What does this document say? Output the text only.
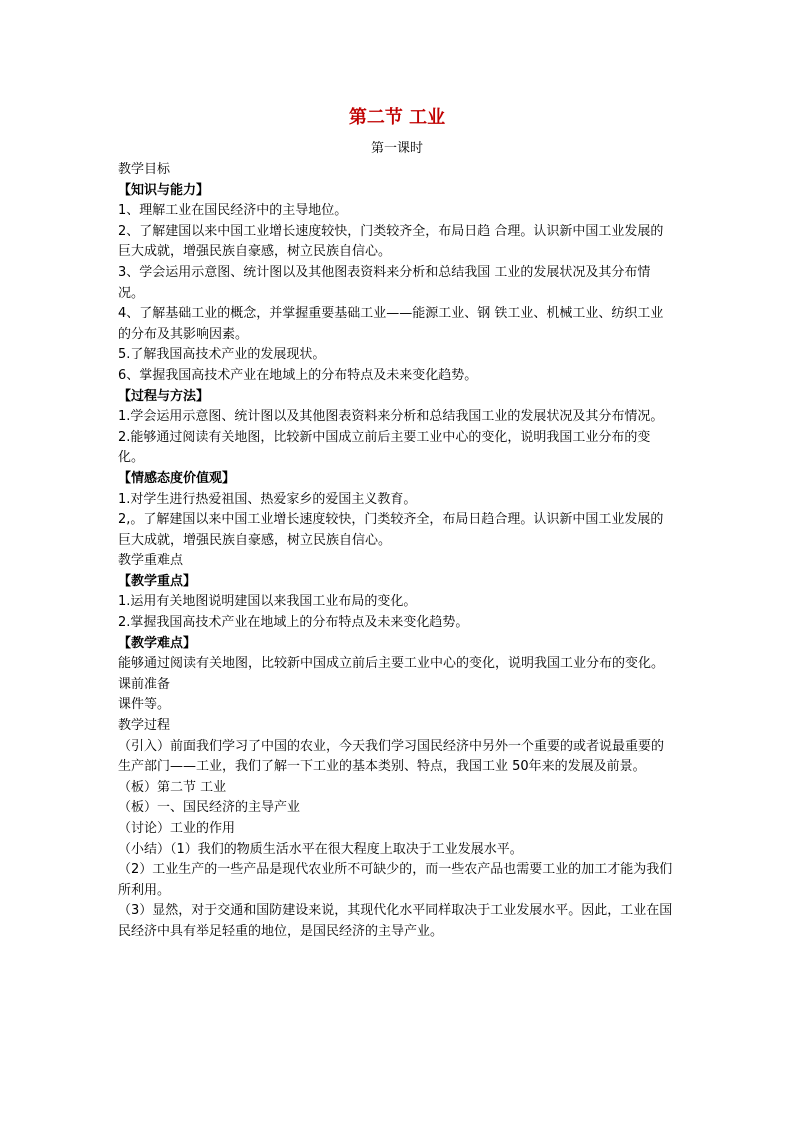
第二节 工业
第一课时

教学目标

【知识与能力】

1、理解工业在国民经济中的主导地位。

2、了解建国以来中国工业增长速度较快，门类较齐全，布局日趋 合理。认识新中国工业发展的巨大成就，增强民族自豪感，树立民族自信心。

3、学会运用示意图、统计图以及其他图表资料来分析和总结我国 工业的发展状况及其分布情况。

4、了解基础工业的概念，并掌握重要基础工业——能源工业、钢 铁工业、机械工业、纺织工业的分布及其影响因素。

5.了解我国高技术产业的发展现状。

6、掌握我国高技术产业在地域上的分布特点及未来变化趋势。

【过程与方法】

1.学会运用示意图、统计图以及其他图表资料来分析和总结我国工业的发展状况及其分布情况。

2.能够通过阅读有关地图，比较新中国成立前后主要工业中心的变化，说明我国工业分布的变化。

【情感态度价值观】

1.对学生进行热爱祖国、热爱家乡的爱国主义教育。

2,。了解建国以来中国工业增长速度较快，门类较齐全，布局日趋合理。认识新中国工业发展的巨大成就，增强民族自豪感，树立民族自信心。

教学重难点

【教学重点】

1.运用有关地图说明建国以来我国工业布局的变化。

2.掌握我国高技术产业在地域上的分布特点及未来变化趋势。

【教学难点】

能够通过阅读有关地图，比较新中国成立前后主要工业中心的变化，说明我国工业分布的变化。

课前准备

课件等。

教学过程

（引入）前面我们学习了中国的农业，今天我们学习国民经济中另外一个重要的或者说最重要的生产部门——工业，我们了解一下工业的基本类别、特点，我国工业 50年来的发展及前景。

（板）第二节 工业

（板）一、国民经济的主导产业

（讨论）工业的作用

（小结）（1）我们的物质生活水平在很大程度上取决于工业发展水平。

（2）工业生产的一些产品是现代农业所不可缺少的，而一些农产品也需要工业的加工才能为我们所利用。

（3）显然，对于交通和国防建设来说，其现代化水平同样取决于工业发展水平。因此，工业在国民经济中具有举足轻重的地位，是国民经济的主导产业。
